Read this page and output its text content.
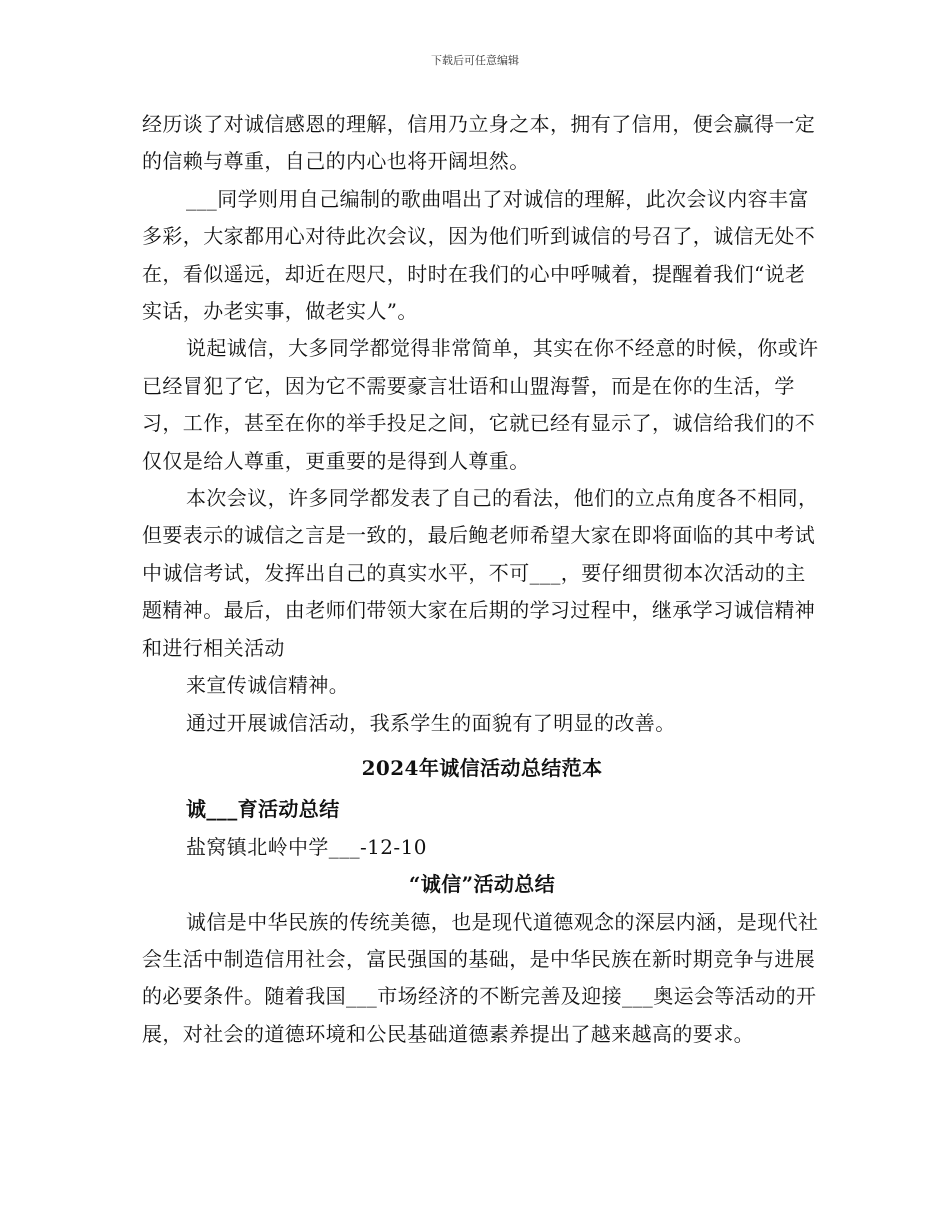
下载后可任意编辑

经历谈了对诚信感恩的理解，信用乃立身之本，拥有了信用，便会赢得一定的信赖与尊重，自己的内心也将开阔坦然。

___同学则用自己编制的歌曲唱出了对诚信的理解，此次会议内容丰富多彩，大家都用心对待此次会议，因为他们听到诚信的号召了，诚信无处不在，看似遥远，却近在咫尺，时时在我们的心中呼喊着，提醒着我们“说老实话，办老实事，做老实人”。

说起诚信，大多同学都觉得非常简单，其实在你不经意的时候，你或许已经冒犯了它，因为它不需要豪言壮语和山盟海誓，而是在你的生活，学习，工作，甚至在你的举手投足之间，它就已经有显示了，诚信给我们的不仅仅是给人尊重，更重要的是得到人尊重。

本次会议，许多同学都发表了自己的看法，他们的立点角度各不相同，但要表示的诚信之言是一致的，最后鲍老师希望大家在即将面临的其中考试中诚信考试，发挥出自己的真实水平，不可___，要仔细贯彻本次活动的主题精神。最后，由老师们带领大家在后期的学习过程中，继承学习诚信精神和进行相关活动

来宣传诚信精神。

通过开展诚信活动，我系学生的面貌有了明显的改善。

2024年诚信活动总结范本

诚___育活动总结

盐窝镇北岭中学___-12-10

“诚信”活动总结

诚信是中华民族的传统美德，也是现代道德观念的深层内涵，是现代社会生活中制造信用社会，富民强国的基础，是中华民族在新时期竞争与进展的必要条件。随着我国___市场经济的不断完善及迎接___奥运会等活动的开展，对社会的道德环境和公民基础道德素养提出了越来越高的要求。
